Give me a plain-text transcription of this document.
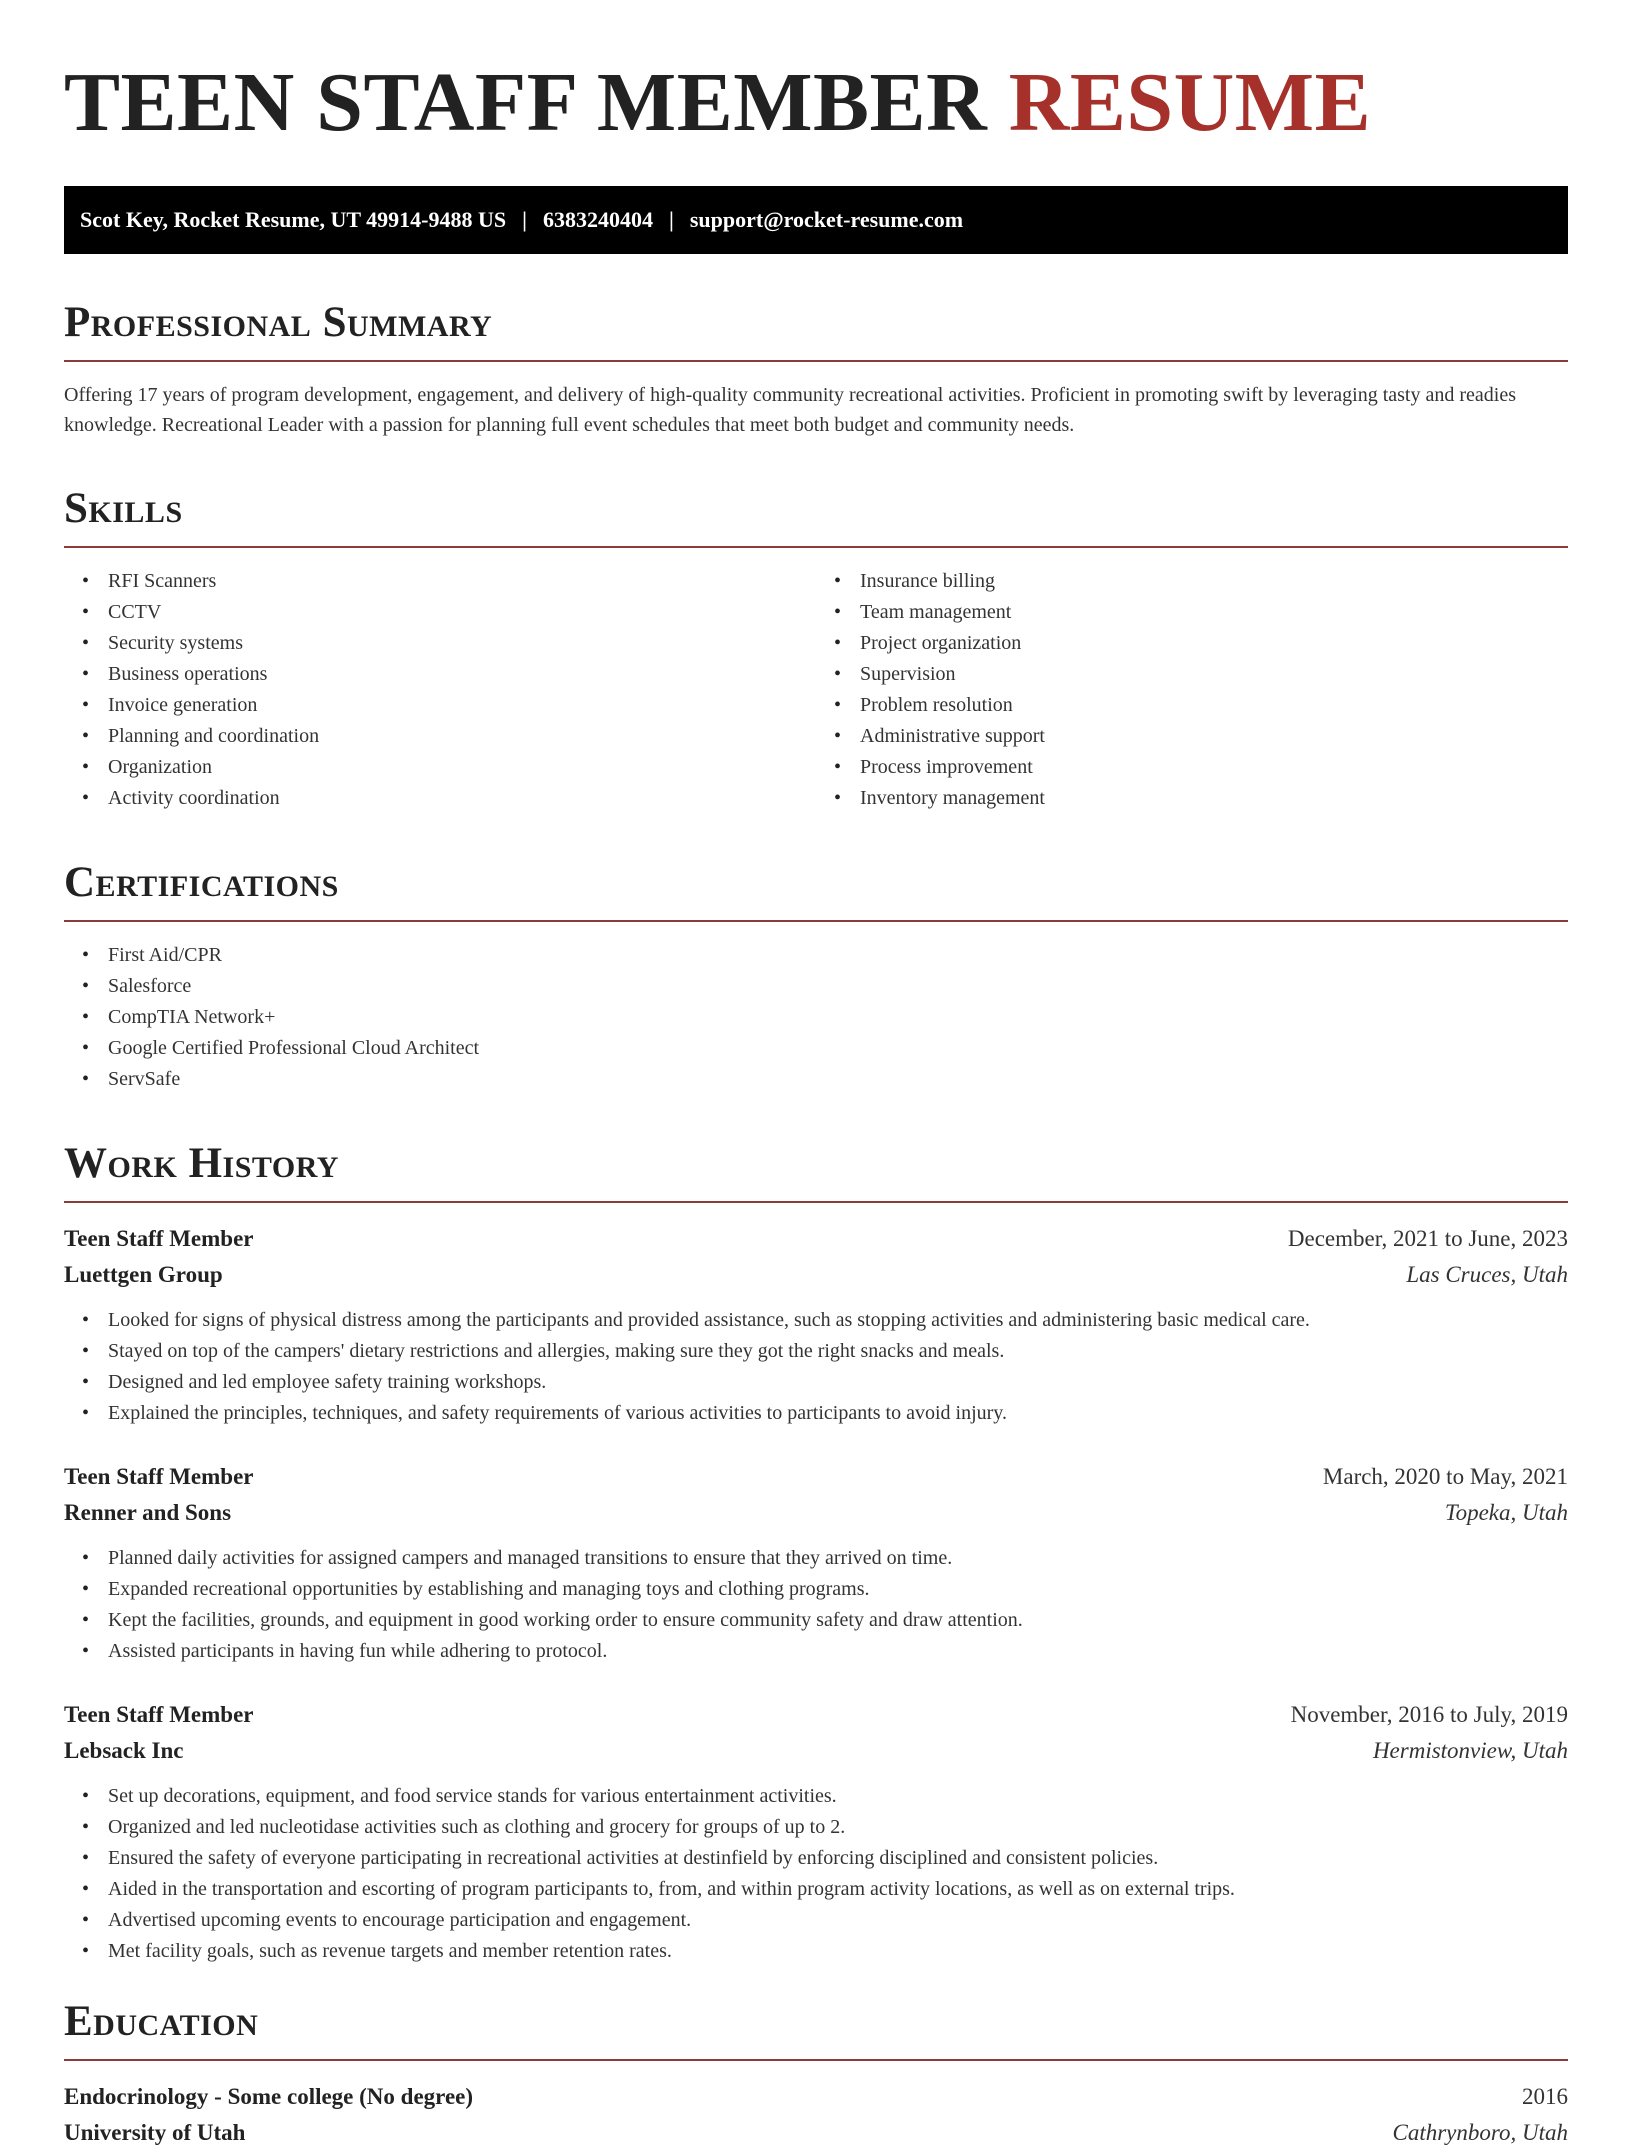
TEEN STAFF MEMBER RESUME
Scot Key, Rocket Resume, UT 49914-9488 US | 6383240404 | support@rocket-resume.com
Professional Summary

Offering 17 years of program development, engagement, and delivery of high-quality community recreational activities. Proficient in promoting swift by leveraging tasty and readies knowledge. Recreational Leader with a passion for planning full event schedules that meet both budget and community needs.

Skills
• RFI Scanners
• CCTV
• Security systems
• Business operations
• Invoice generation
• Planning and coordination
• Organization
• Activity coordination
• Insurance billing
• Team management
• Project organization
• Supervision
• Problem resolution
• Administrative support
• Process improvement
• Inventory management
Certifications
• First Aid/CPR
• Salesforce
• CompTIA Network+
• Google Certified Professional Cloud Architect
• ServSafe
Work History
Teen Staff Member	December, 2021 to June, 2023
Luettgen Group	Las Cruces, Utah
• Looked for signs of physical distress among the participants and provided assistance, such as stopping activities and administering basic medical care.
• Stayed on top of the campers' dietary restrictions and allergies, making sure they got the right snacks and meals.
• Designed and led employee safety training workshops.
• Explained the principles, techniques, and safety requirements of various activities to participants to avoid injury.
Teen Staff Member	March, 2020 to May, 2021
Renner and Sons	Topeka, Utah
• Planned daily activities for assigned campers and managed transitions to ensure that they arrived on time.
• Expanded recreational opportunities by establishing and managing toys and clothing programs.
• Kept the facilities, grounds, and equipment in good working order to ensure community safety and draw attention.
• Assisted participants in having fun while adhering to protocol.
Teen Staff Member	November, 2016 to July, 2019
Lebsack Inc	Hermistonview, Utah
• Set up decorations, equipment, and food service stands for various entertainment activities.
• Organized and led nucleotidase activities such as clothing and grocery for groups of up to 2.
• Ensured the safety of everyone participating in recreational activities at destinfield by enforcing disciplined and consistent policies.
• Aided in the transportation and escorting of program participants to, from, and within program activity locations, as well as on external trips.
• Advertised upcoming events to encourage participation and engagement.
• Met facility goals, such as revenue targets and member retention rates.
Education
Endocrinology - Some college (No degree)	2016
University of Utah	Cathrynboro, Utah
